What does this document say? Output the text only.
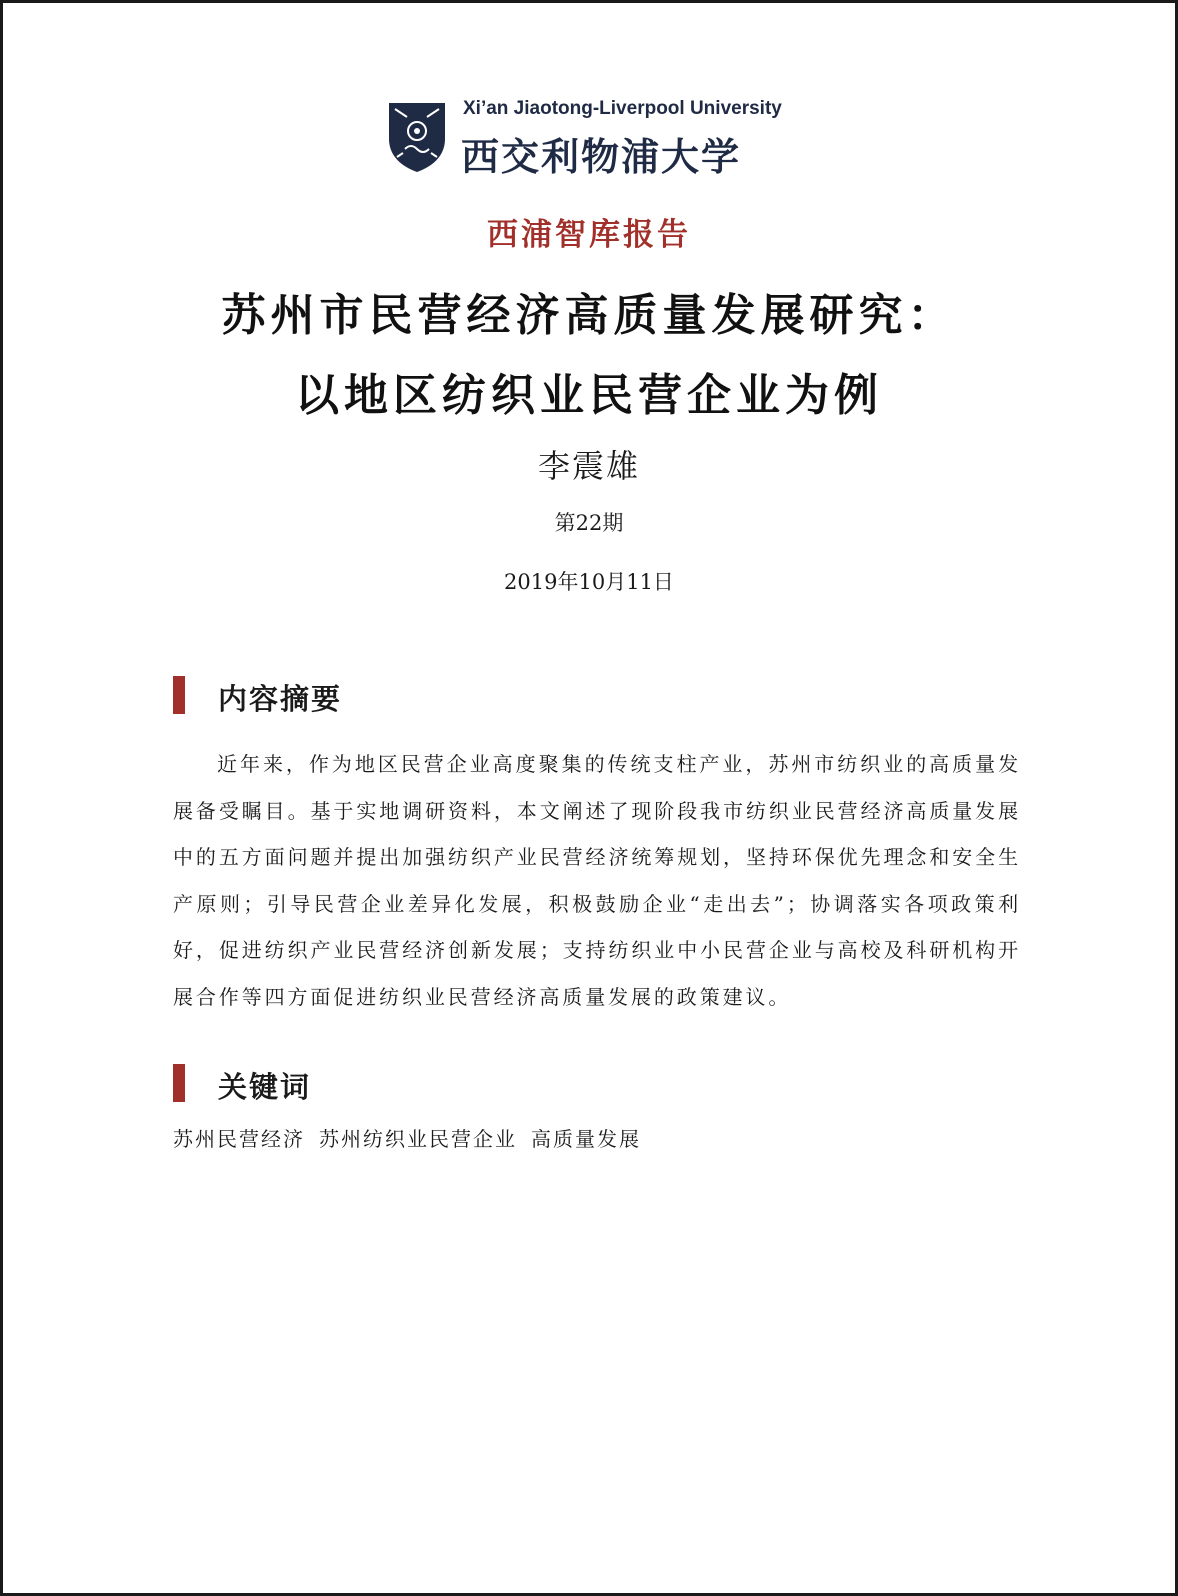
Xi’an Jiaotong-Liverpool University
西交利物浦大学
西浦智库报告
苏州市民营经济高质量发展研究：
以地区纺织业民营企业为例
李震雄
第22期
2019年10月11日
内容摘要

近年来，作为地区民营企业高度聚集的传统支柱产业，苏州市纺织业的高质量发展备受瞩目。基于实地调研资料，本文阐述了现阶段我市纺织业民营经济高质量发展中的五方面问题并提出加强纺织产业民营经济统筹规划，坚持环保优先理念和安全生产原则；引导民营企业差异化发展，积极鼓励企业“走出去”；协调落实各项政策利好，促进纺织产业民营经济创新发展；支持纺织业中小民营企业与高校及科研机构开展合作等四方面促进纺织业民营经济高质量发展的政策建议。

关键词
苏州民营经济 苏州纺织业民营企业 高质量发展
